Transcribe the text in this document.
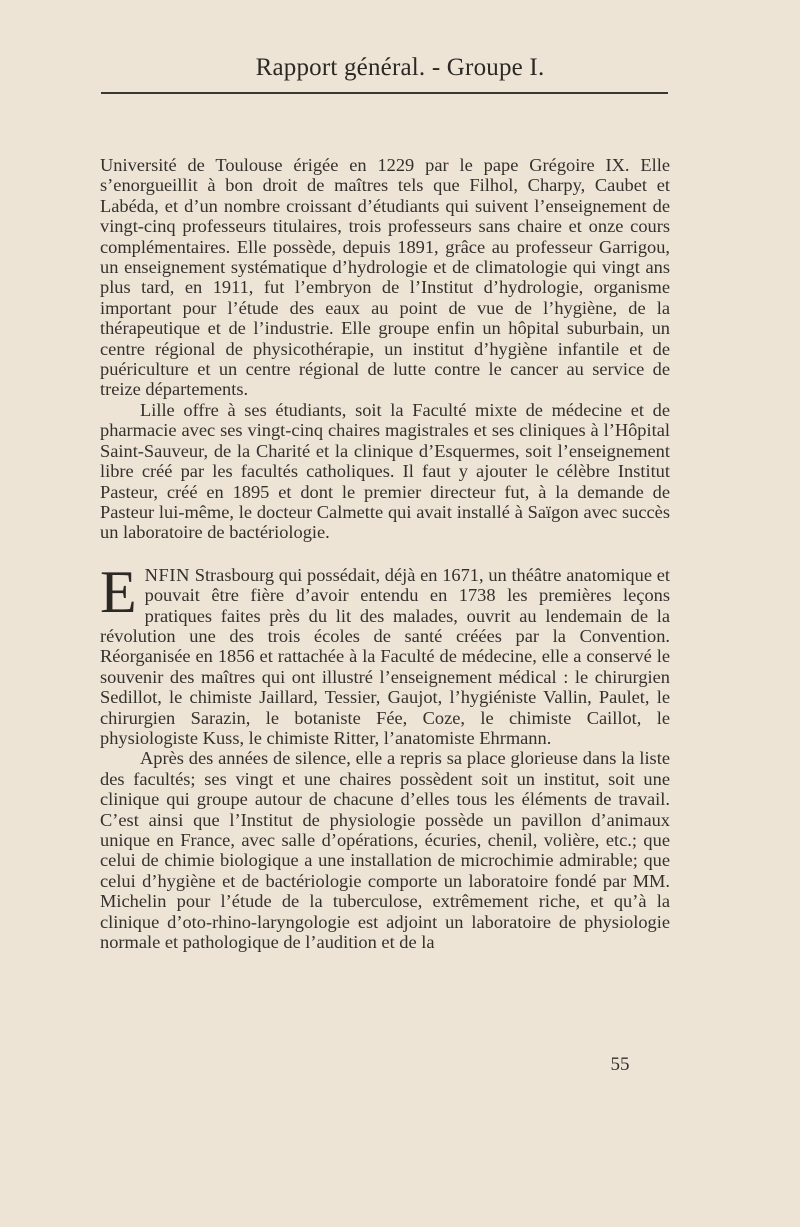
Rapport général. - Groupe I.

Université de Toulouse érigée en 1229 par le pape Grégoire IX. Elle s’enorgueillit à bon droit de maîtres tels que Filhol, Charpy, Caubet et Labéda, et d’un nombre croissant d’étudiants qui suivent l’enseignement de vingt-cinq professeurs titulaires, trois professeurs sans chaire et onze cours complémentaires. Elle possède, depuis 1891, grâce au professeur Garrigou, un enseignement systématique d’hydrologie et de climatologie qui vingt ans plus tard, en 1911, fut l’embryon de l’Institut d’hydrologie, organisme important pour l’étude des eaux au point de vue de l’hygiène, de la thérapeutique et de l’industrie. Elle groupe enfin un hôpital suburbain, un centre régional de physicothérapie, un institut d’hygiène infantile et de puériculture et un centre régional de lutte contre le cancer au service de treize départements.

Lille offre à ses étudiants, soit la Faculté mixte de médecine et de pharmacie avec ses vingt-cinq chaires magistrales et ses cliniques à l’Hôpital Saint-Sauveur, de la Charité et la clinique d’Esquermes, soit l’enseignement libre créé par les facultés catholiques. Il faut y ajouter le célèbre Institut Pasteur, créé en 1895 et dont le premier directeur fut, à la demande de Pasteur lui-même, le docteur Calmette qui avait installé à Saïgon avec succès un laboratoire de bactériologie.

ENFIN Strasbourg qui possédait, déjà en 1671, un théâtre anatomique et pouvait être fière d’avoir entendu en 1738 les premières leçons pratiques faites près du lit des malades, ouvrit au lendemain de la révolution une des trois écoles de santé créées par la Convention. Réorganisée en 1856 et rattachée à la Faculté de médecine, elle a conservé le souvenir des maîtres qui ont illustré l’enseignement médical : le chirurgien Sedillot, le chimiste Jaillard, Tessier, Gaujot, l’hygiéniste Vallin, Paulet, le chirurgien Sarazin, le botaniste Fée, Coze, le chimiste Caillot, le physiologiste Kuss, le chimiste Ritter, l’anatomiste Ehrmann.

Après des années de silence, elle a repris sa place glorieuse dans la liste des facultés; ses vingt et une chaires possèdent soit un institut, soit une clinique qui groupe autour de chacune d’elles tous les éléments de travail. C’est ainsi que l’Institut de physiologie possède un pavillon d’animaux unique en France, avec salle d’opérations, écuries, chenil, volière, etc.; que celui de chimie biologique a une installation de microchimie admirable; que celui d’hygiène et de bactériologie comporte un laboratoire fondé par MM. Michelin pour l’étude de la tuberculose, extrêmement riche, et qu’à la clinique d’oto-rhino-laryngologie est adjoint un laboratoire de physiologie normale et pathologique de l’audition et de la

55
